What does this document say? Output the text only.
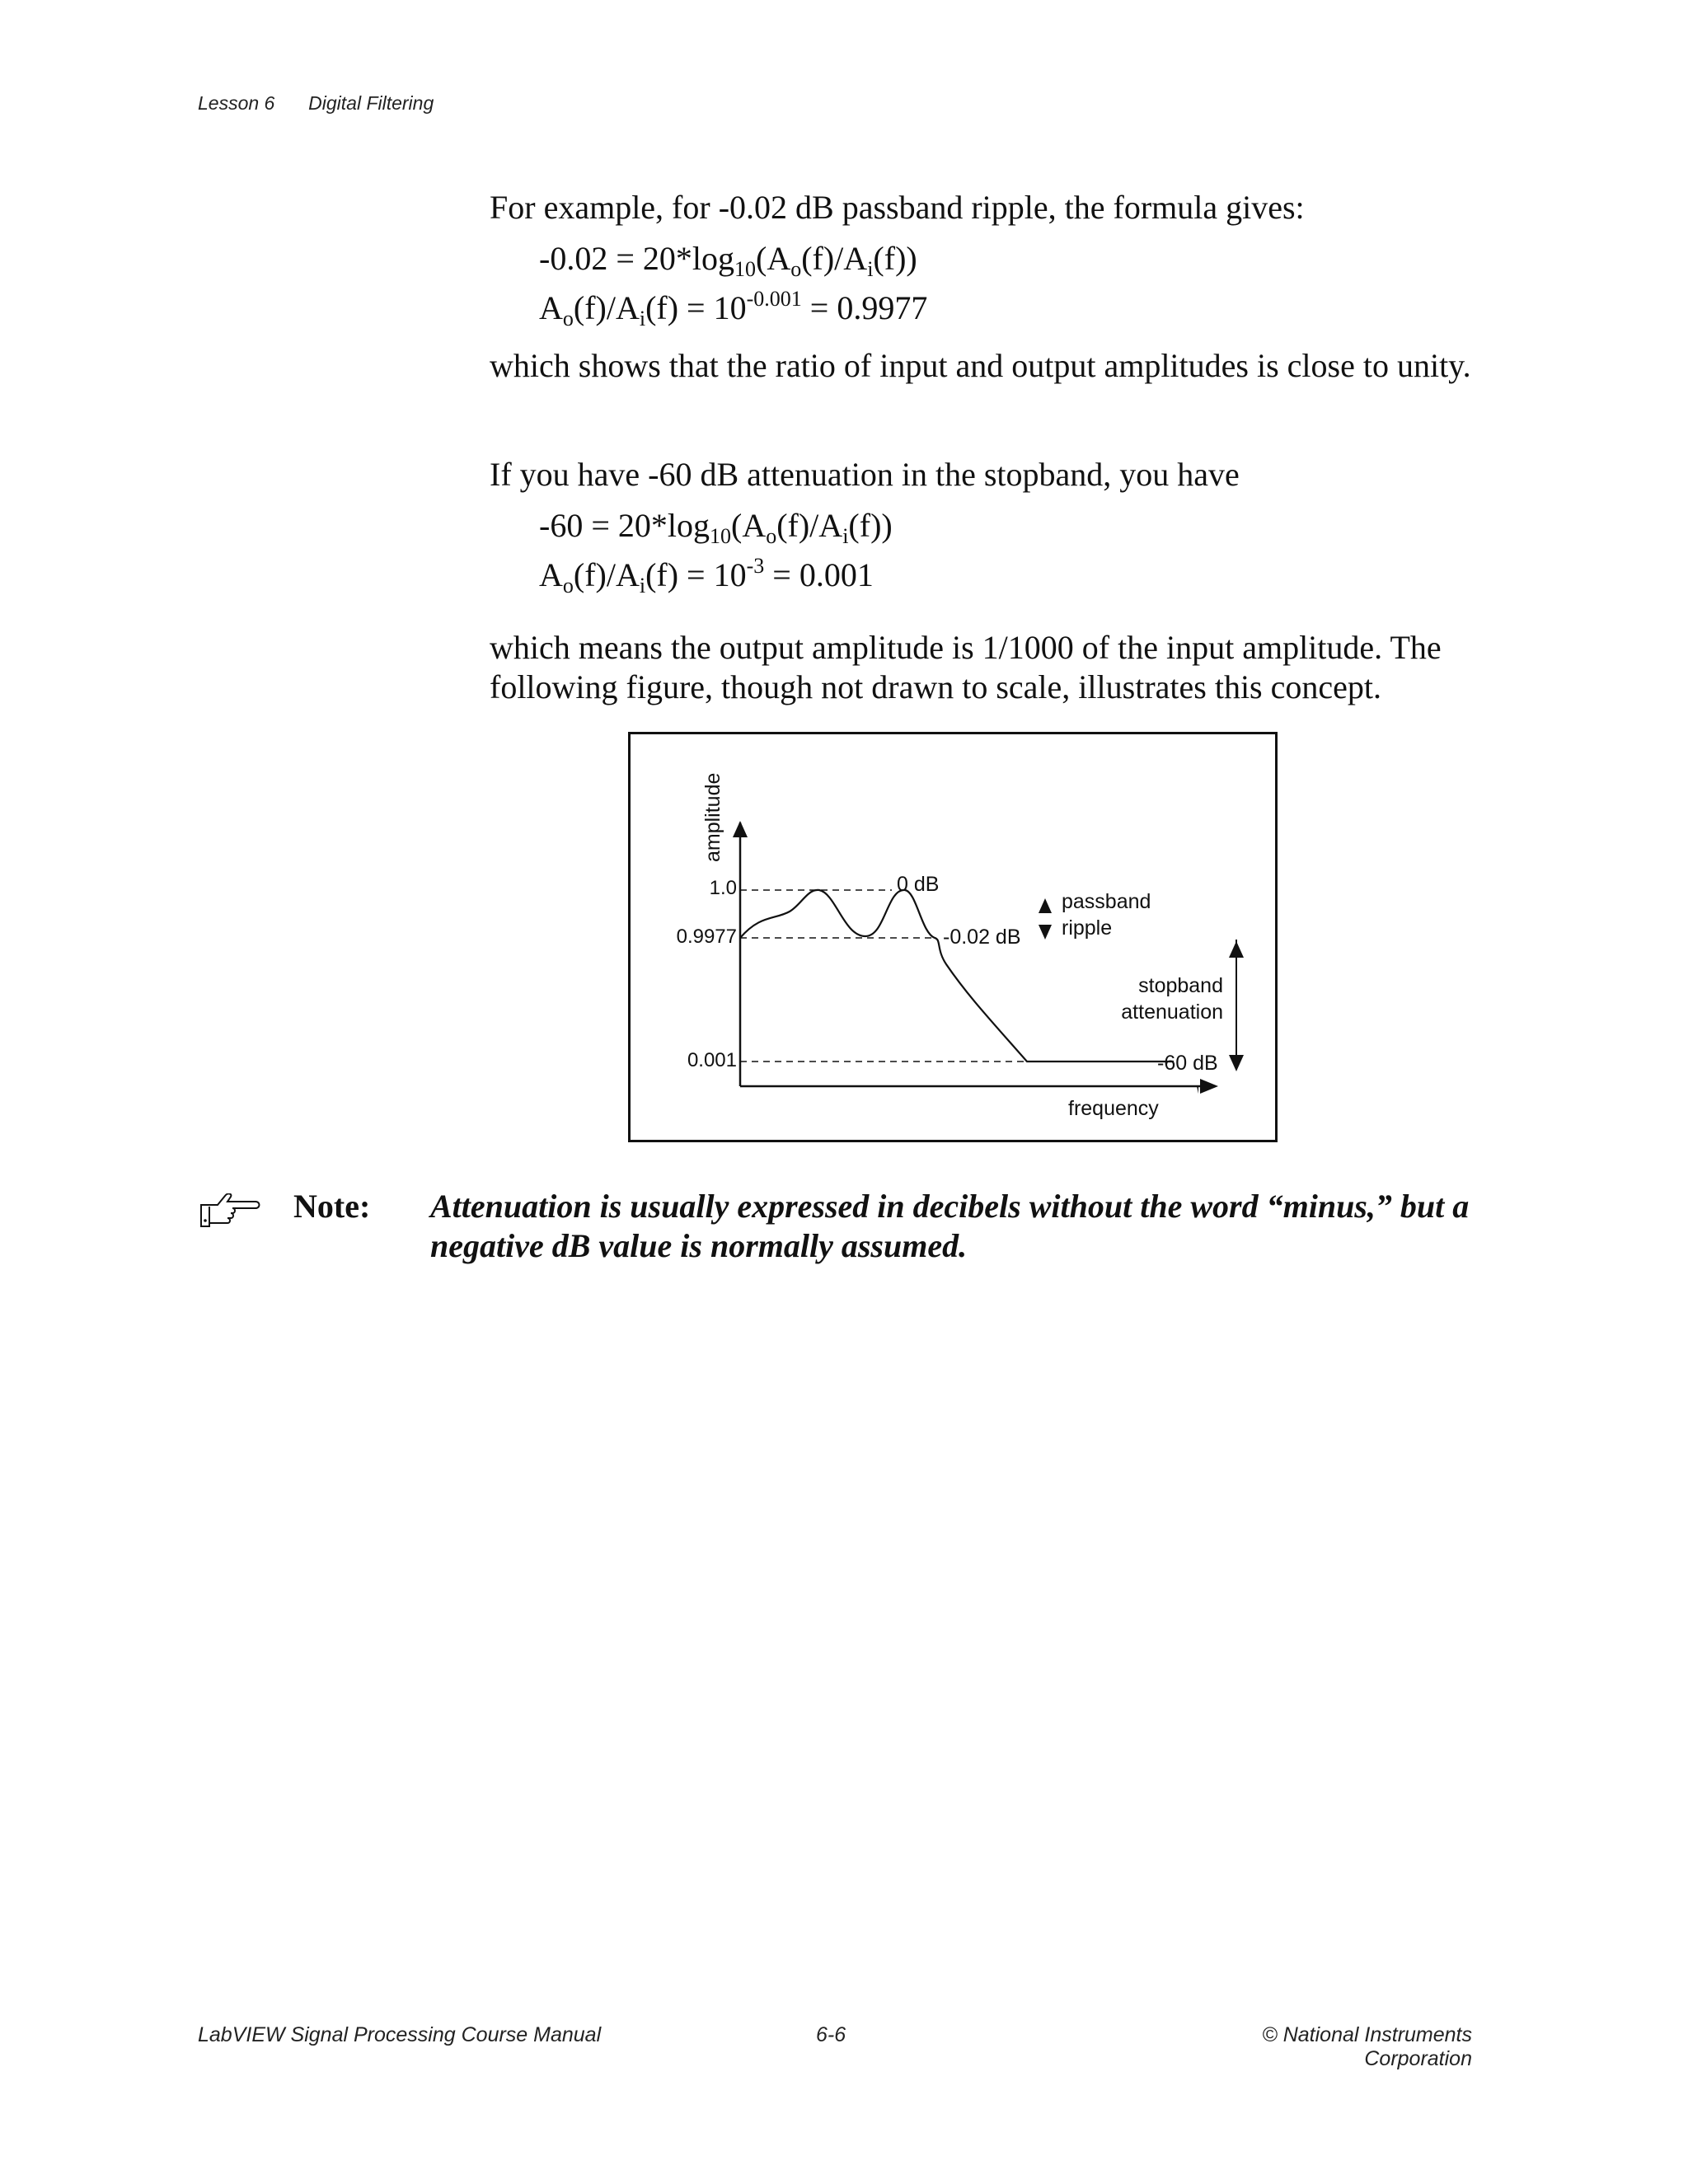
Lesson 6 Digital Filtering
For example, for -0.02 dB passband ripple, the formula gives:
$-0.02 = 20*\log_{10}(A_o(f)/A_i(f))$
$A_o(f)/A_i(f) = 10^{-0.001} = 0.9977$
which shows that the ratio of input and output amplitudes is close to unity.
If you have -60 dB attenuation in the stopband, you have
$-60 = 20*\log_{10}(A_o(f)/A_i(f))$
$A_o(f)/A_i(f) = 10^{-3} = 0.001$
which means the output amplitude is 1/1000 of the input amplitude. The following figure, though not drawn to scale, illustrates this concept.
1.0
0.9977
0.001
amplitude
0 dB
-0.02 dB
passband
ripple
stopband
attenuation
-60 dB
frequency
Note: Attenuation is usually expressed in decibels without the word “minus,” but a negative dB value is normally assumed.
LabVIEW Signal Processing Course Manual	6-6	© National Instruments Corporation
